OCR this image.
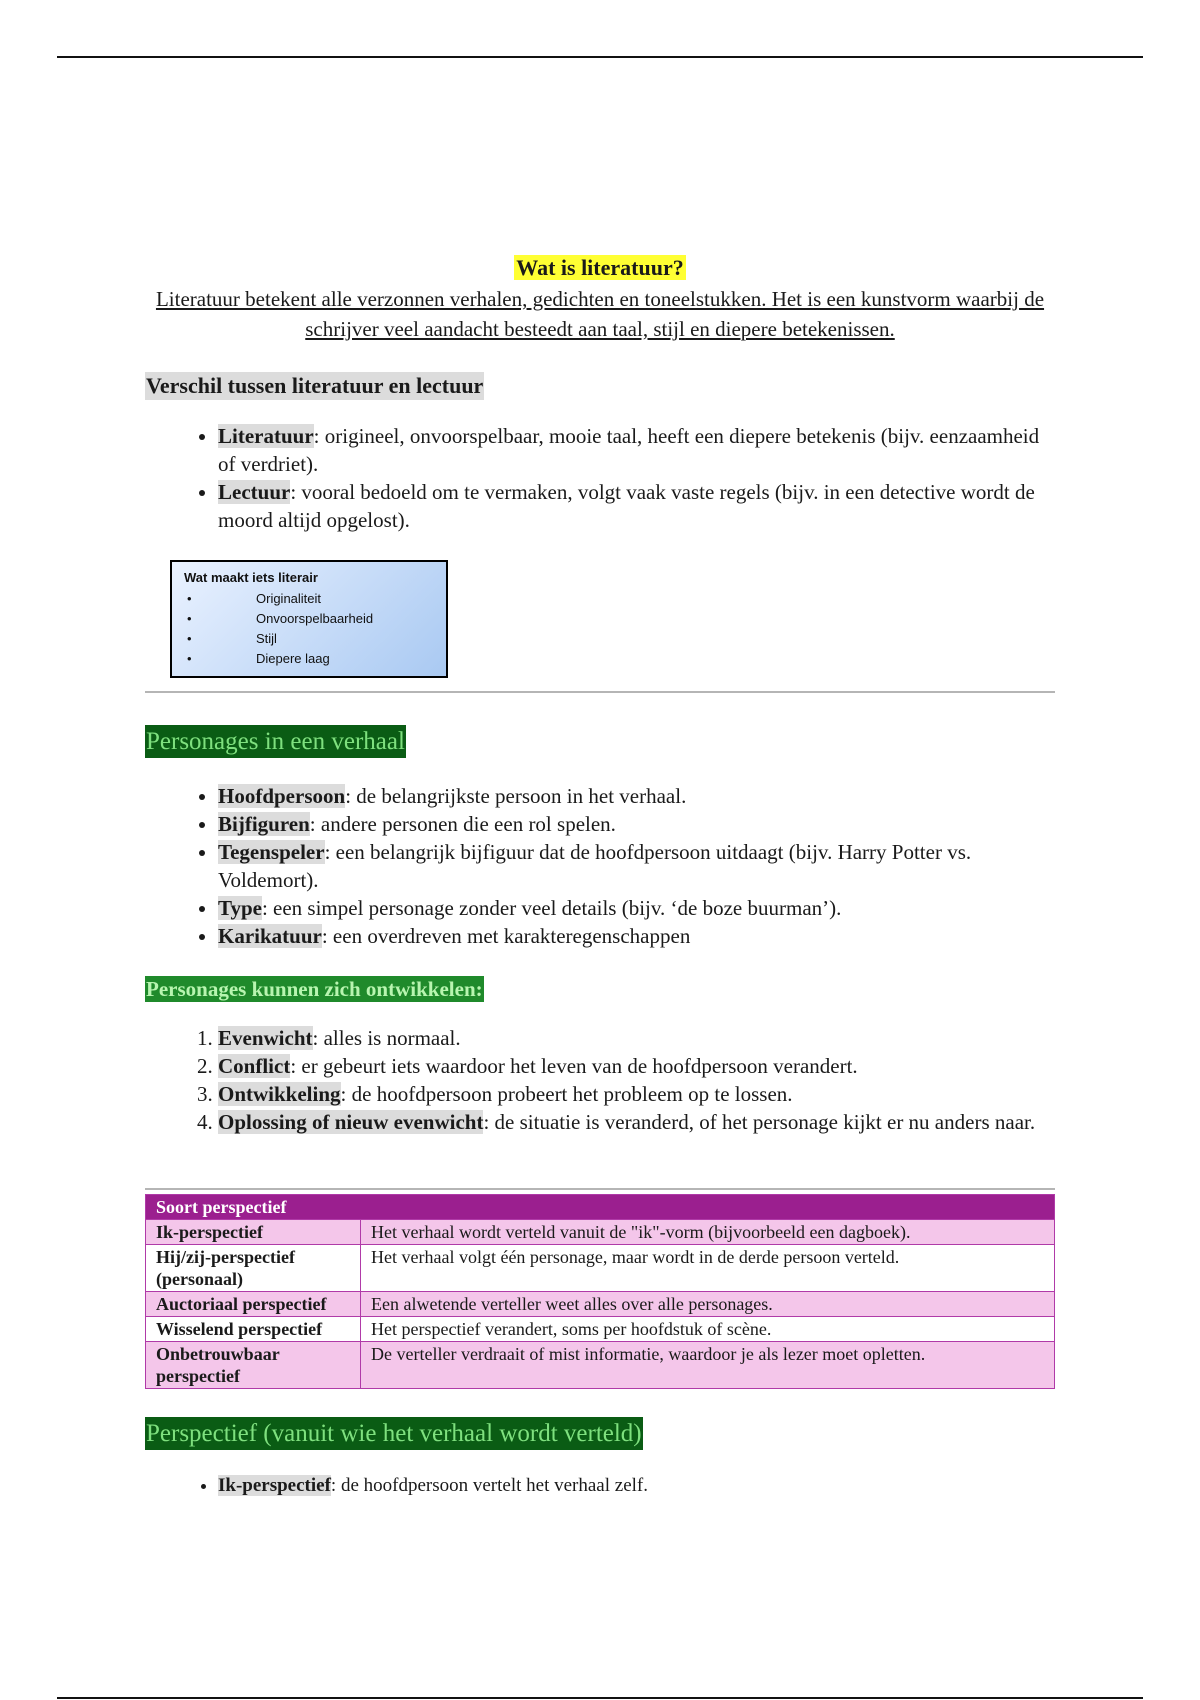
Wat is literatuur?

Literatuur betekent alle verzonnen verhalen, gedichten en toneelstukken. Het is een kunstvorm waarbij de schrijver veel aandacht besteedt aan taal, stijl en diepere betekenissen.

Verschil tussen literatuur en lectuur
• Literatuur: origineel, onvoorspelbaar, mooie taal, heeft een diepere betekenis (bijv. eenzaamheid of verdriet).
• Lectuur: vooral bedoeld om te vermaken, volgt vaak vaste regels (bijv. in een detective wordt de moord altijd opgelost).
Wat maakt iets literair
• Originaliteit
• Onvoorspelbaarheid
• Stijl
• Diepere laag
Personages in een verhaal
• Hoofdpersoon: de belangrijkste persoon in het verhaal.
• Bijfiguren: andere personen die een rol spelen.
• Tegenspeler: een belangrijk bijfiguur dat de hoofdpersoon uitdaagt (bijv. Harry Potter vs. Voldemort).
• Type: een simpel personage zonder veel details (bijv. ‘de boze buurman’).
• Karikatuur: een overdreven met karakteregenschappen
Personages kunnen zich ontwikkelen:
1. Evenwicht: alles is normaal.
2. Conflict: er gebeurt iets waardoor het leven van de hoofdpersoon verandert.
3. Ontwikkeling: de hoofdpersoon probeert het probleem op te lossen.
4. Oplossing of nieuw evenwicht: de situatie is veranderd, of het personage kijkt er nu anders naar.
Soort perspectief	
Ik-perspectief	Het verhaal wordt verteld vanuit de "ik"-vorm (bijvoorbeeld een dagboek).
Hij/zij-perspectief (personaal)	Het verhaal volgt één personage, maar wordt in de derde persoon verteld.
Auctoriaal perspectief	Een alwetende verteller weet alles over alle personages.
Wisselend perspectief	Het perspectief verandert, soms per hoofdstuk of scène.
Onbetrouwbaar perspectief	De verteller verdraait of mist informatie, waardoor je als lezer moet opletten.
Perspectief (vanuit wie het verhaal wordt verteld)
• Ik-perspectief: de hoofdpersoon vertelt het verhaal zelf.
